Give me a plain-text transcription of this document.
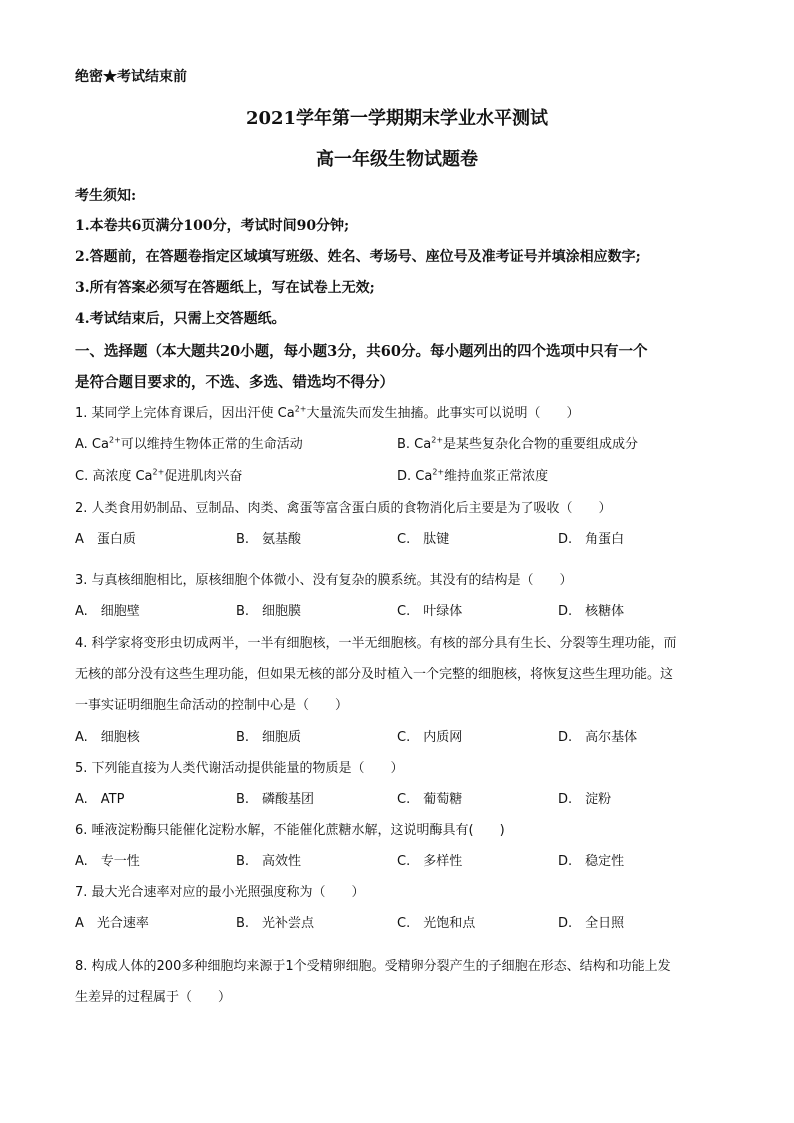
绝密★考试结束前
2021学年第一学期期末学业水平测试
高一年级生物试题卷
考生须知:
1.本卷共6页满分100分，考试时间90分钟;
2.答题前，在答题卷指定区域填写班级、姓名、考场号、座位号及准考证号并填涂相应数字;
3.所有答案必须写在答题纸上，写在试卷上无效;
4.考试结束后，只需上交答题纸。
一、选择题（本大题共20小题，每小题3分，共60分。每小题列出的四个选项中只有一个
是符合题目要求的，不选、多选、错选均不得分）
1. 某同学上完体育课后，因出汗使 $Ca^{2+}$大量流失而发生抽搐。此事实可以说明（　　）
A. $Ca^{2+}$可以维持生物体正常的生命活动	B. $Ca^{2+}$是某些复杂化合物的重要组成成分
C. 高浓度 $Ca^{2+}$促进肌肉兴奋	D. $Ca^{2+}$维持血浆正常浓度
2. 人类食用奶制品、豆制品、肉类、禽蛋等富含蛋白质的食物消化后主要是为了吸收（　　）
A　蛋白质	B.　氨基酸	C.　肽键	D.　角蛋白
3. 与真核细胞相比，原核细胞个体微小、没有复杂的膜系统。其没有的结构是（　　）
A.　细胞壁	B.　细胞膜	C.　叶绿体	D.　核糖体
4. 科学家将变形虫切成两半，一半有细胞核，一半无细胞核。有核的部分具有生长、分裂等生理功能，而
无核的部分没有这些生理功能，但如果无核的部分及时植入一个完整的细胞核，将恢复这些生理功能。这
一事实证明细胞生命活动的控制中心是（　　）
A.　细胞核	B.　细胞质	C.　内质网	D.　高尔基体
5. 下列能直接为人类代谢活动提供能量的物质是（　　）
A.　ATP	B.　磷酸基团	C.　葡萄糖	D.　淀粉
6. 唾液淀粉酶只能催化淀粉水解，不能催化蔗糖水解，这说明酶具有(　　)
A.　专一性	B.　高效性	C.　多样性	D.　稳定性
7. 最大光合速率对应的最小光照强度称为（　　）
A　光合速率	B.　光补尝点	C.　光饱和点	D.　全日照
8. 构成人体的200多种细胞均来源于1个受精卵细胞。受精卵分裂产生的子细胞在形态、结构和功能上发
生差异的过程属于（　　）
